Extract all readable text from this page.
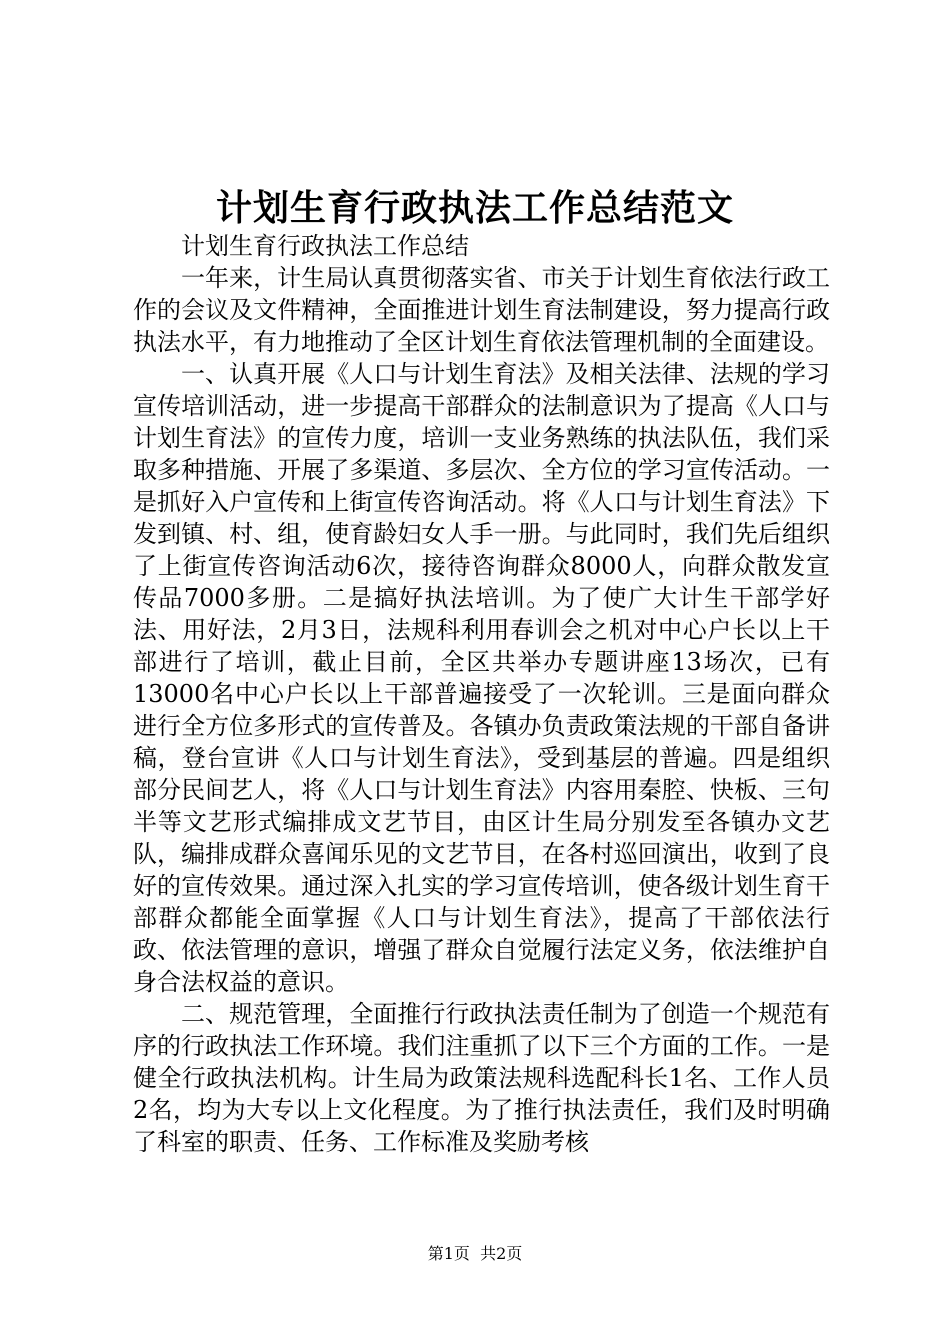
计划生育行政执法工作总结范文

计划生育行政执法工作总结

一年来，计生局认真贯彻落实省、市关于计划生育依法行政工作的会议及文件精神，全面推进计划生育法制建设，努力提高行政执法水平，有力地推动了全区计划生育依法管理机制的全面建设。

一、认真开展《人口与计划生育法》及相关法律、法规的学习宣传培训活动，进一步提高干部群众的法制意识为了提高《人口与计划生育法》的宣传力度，培训一支业务熟练的执法队伍，我们采取多种措施、开展了多渠道、多层次、全方位的学习宣传活动。一是抓好入户宣传和上街宣传咨询活动。将《人口与计划生育法》下发到镇、村、组，使育龄妇女人手一册。与此同时，我们先后组织了上街宣传咨询活动6次，接待咨询群众8000人，向群众散发宣传品7000多册。二是搞好执法培训。为了使广大计生干部学好法、用好法，2月3日，法规科利用春训会之机对中心户长以上干部进行了培训，截止目前，全区共举办专题讲座13场次，已有13000名中心户长以上干部普遍接受了一次轮训。三是面向群众进行全方位多形式的宣传普及。各镇办负责政策法规的干部自备讲稿，登台宣讲《人口与计划生育法》，受到基层的普遍。四是组织部分民间艺人，将《人口与计划生育法》内容用秦腔、快板、三句半等文艺形式编排成文艺节目，由区计生局分别发至各镇办文艺队，编排成群众喜闻乐见的文艺节目，在各村巡回演出，收到了良好的宣传效果。通过深入扎实的学习宣传培训，使各级计划生育干部群众都能全面掌握《人口与计划生育法》，提高了干部依法行政、依法管理的意识，增强了群众自觉履行法定义务，依法维护自身合法权益的意识。

二、规范管理，全面推行行政执法责任制为了创造一个规范有序的行政执法工作环境。我们注重抓了以下三个方面的工作。一是健全行政执法机构。计生局为政策法规科选配科长1名、工作人员2名，均为大专以上文化程度。为了推行执法责任，我们及时明确了科室的职责、任务、工作标准及奖励考核

第1页 共2页
